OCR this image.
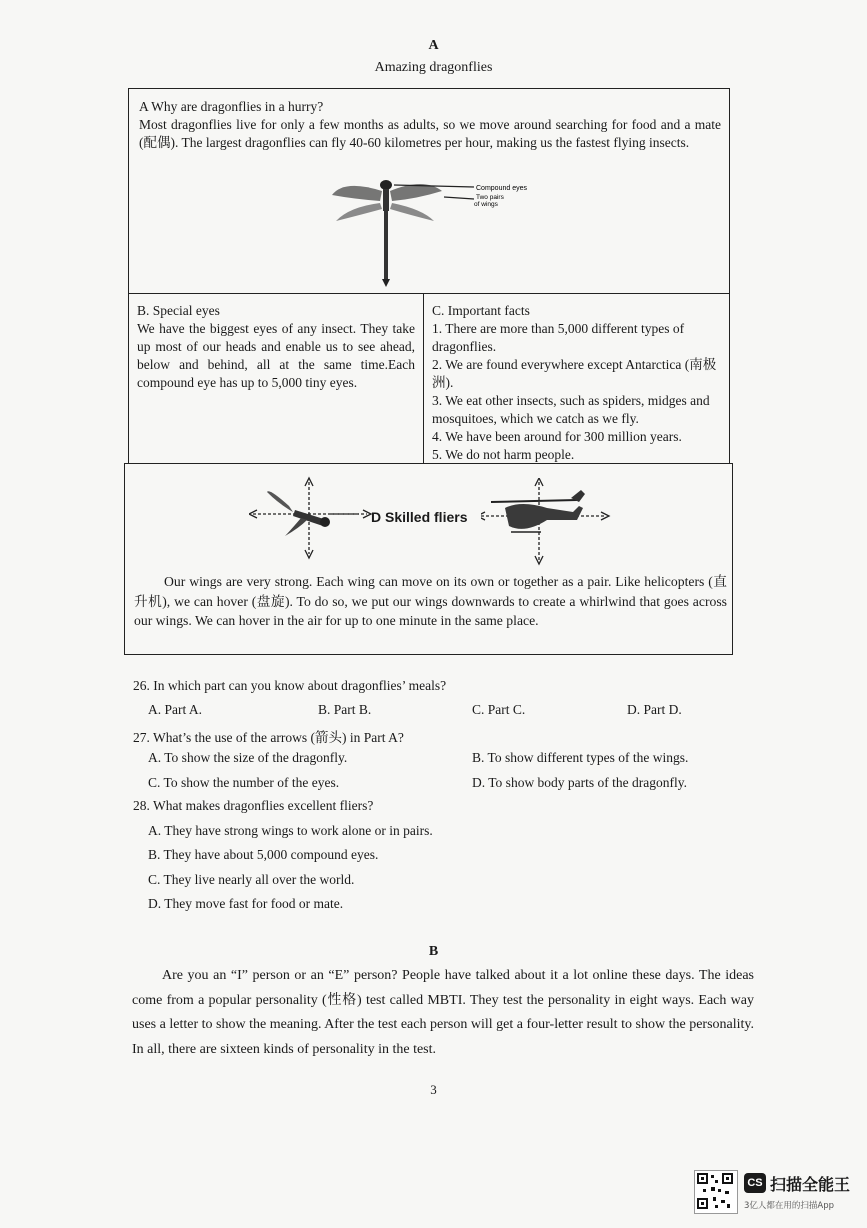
A
Amazing dragonflies

A Why are dragonflies in a hurry?

Most dragonflies live for only a few months as adults, so we move around searching for food and a mate (配偶). The largest dragonflies can fly 40-60 kilometres per hour, making us the fastest flying insects.

Compound eyes
Two pairs
of wings

B. Special eyes

We have the biggest eyes of any insect. They take up most of our heads and enable us to see ahead, below and behind, all at the same time.Each compound eye has up to 5,000 tiny eyes.

C. Important facts

1. There are more than 5,000 different types of dragonflies.

2. We are found everywhere except Antarctica (南极洲).

3. We eat other insects, such as spiders, midges and mosquitoes, which we catch as we fly.

4. We have been around for 300 million years.

5. We do not harm people.

D Skilled fliers
Our wings are very strong. Each wing can move on its own or together as a pair. Like helicopters (直升机), we can hover (盘旋). To do so, we put our wings downwards to create a whirlwind that goes across our wings. We can hover in the air for up to one minute in the same place.
26. In which part can you know about dragonflies’ meals?
A. Part A.	B. Part B.	C. Part C.	D. Part D.
27. What’s the use of the arrows (箭头) in Part A?
A. To show the size of the dragonfly.	B. To show different types of the wings.
C. To show the number of the eyes.	D. To show body parts of the dragonfly.
28. What makes dragonflies excellent fliers?
A. They have strong wings to work alone or in pairs.
B. They have about 5,000 compound eyes.
C. They live nearly all over the world.
D. They move fast for food or mate.
B
Are you an “I” person or an “E” person? People have talked about it a lot online these days. The ideas come from a popular personality (性格) test called MBTI. They test the personality in eight ways. Each way uses a letter to show the meaning. After the test each person will get a four-letter result to show the personality. In all, there are sixteen kinds of personality in the test.
3
CS 扫描全能王
3亿人都在用的扫描App
